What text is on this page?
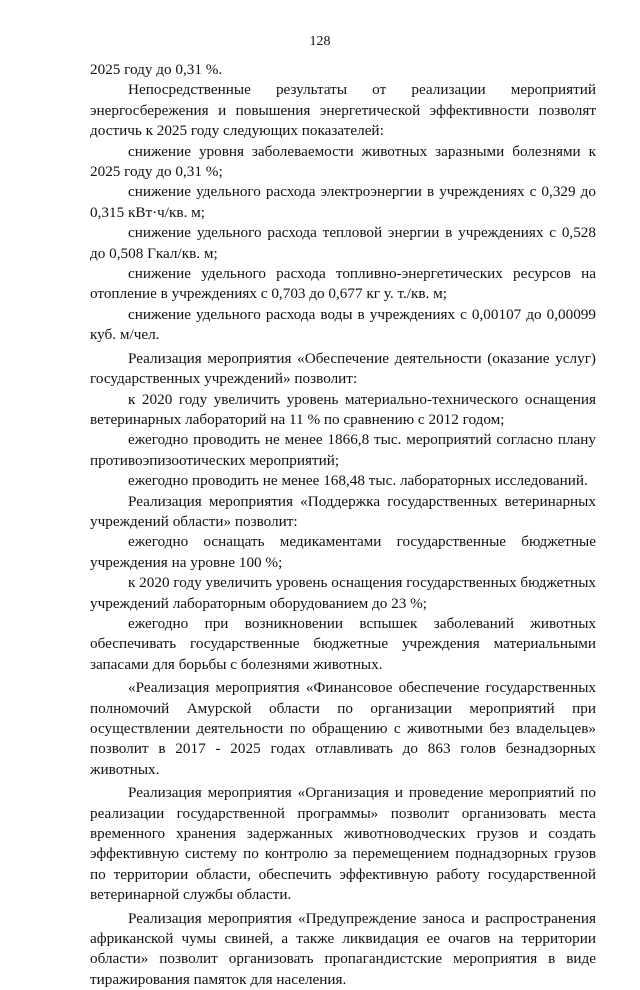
128

2025 году до 0,31 %.

Непосредственные результаты от реализации мероприятий энергосбережения и повышения энергетической эффективности позволят достичь к 2025 году следующих показателей:

снижение уровня заболеваемости животных заразными болезнями к 2025 году до 0,31 %;

снижение удельного расхода электроэнергии в учреждениях с 0,329 до 0,315 кВт·ч/кв. м;

снижение удельного расхода тепловой энергии в учреждениях с 0,528 до 0,508 Гкал/кв. м;

снижение удельного расхода топливно-энергетических ресурсов на отопление в учреждениях с 0,703 до 0,677 кг у. т./кв. м;

снижение удельного расхода воды в учреждениях с 0,00107 до 0,00099 куб. м/чел.

Реализация мероприятия «Обеспечение деятельности (оказание услуг) государственных учреждений» позволит:

к 2020 году увеличить уровень материально-технического оснащения ветеринарных лабораторий на 11 % по сравнению с 2012 годом;

ежегодно проводить не менее 1866,8 тыс. мероприятий согласно плану противоэпизоотических мероприятий;

ежегодно проводить не менее 168,48 тыс. лабораторных исследований.

Реализация мероприятия «Поддержка государственных ветеринарных учреждений области» позволит:

ежегодно оснащать медикаментами государственные бюджетные учреждения на уровне 100 %;

к 2020 году увеличить уровень оснащения государственных бюджетных учреждений лабораторным оборудованием до 23 %;

ежегодно при возникновении вспышек заболеваний животных обеспечивать государственные бюджетные учреждения материальными запасами для борьбы с болезнями животных.

«Реализация мероприятия «Финансовое обеспечение государственных полномочий Амурской области по организации мероприятий при осуществлении деятельности по обращению с животными без владельцев» позволит в 2017 - 2025 годах отлавливать до 863 голов безнадзорных животных.

Реализация мероприятия «Организация и проведение мероприятий по реализации государственной программы» позволит организовать места временного хранения задержанных животноводческих грузов и создать эффективную систему по контролю за перемещением поднадзорных грузов по территории области, обеспечить эффективную работу государственной ветеринарной службы области.

Реализация мероприятия «Предупреждение заноса и распространения африканской чумы свиней, а также ликвидация ее очагов на территории области» позволит организовать пропагандистские мероприятия в виде тиражирования памяток для населения.
